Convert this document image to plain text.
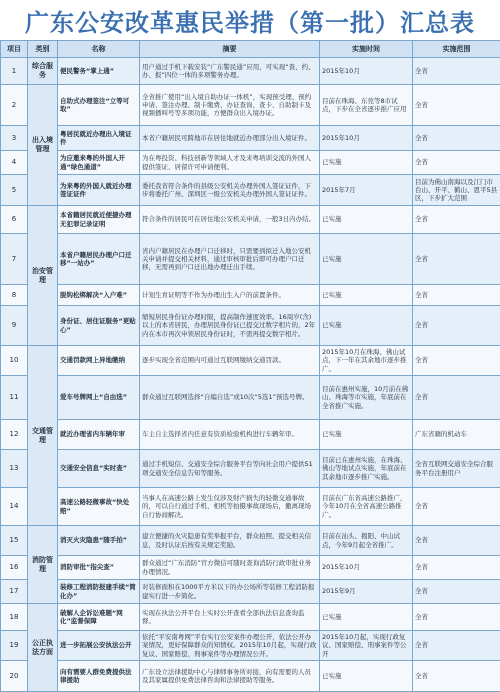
广东公安改革惠民举措（第一批）汇总表
项目	类别	名称	摘要	实施时间	实施范围
1	综合服务	便民警务“掌上通”	用户通过手机下载安装“广东警民通”应用，可实现“查、约、办、报”四位一体的多项警务办理。	2015年10月	全省
2	出入境管理	自助式办理签注“立等可取”	全省推广使用“出入境自助办证一体机”，实现预受理、预约申请、签注办理、制卡缴费、办证查询、查卡、自助制卡及视频播叫号等多项功能，方便群众出入境办证。	目前在珠海、东莞等8市试点，下步在全省逐步推广应用	全省
3		粤居民就近办理出入境证件	本省户籍居民可跨地市在居住地就近办理部分出入境证件。	2015年10月	全省
4		为应邀来粤的外国人开通“绿色通道”	为在粤投资、科技创新等领域人才及来粤培训交流的外国人提供签证、居留许可申请便利。	已实施	全省
5		为来粤的外国人就近办理签证证件	委托我省符合条件的县级公安机关办理外国人签证证件，下步将委托广州、深圳区一级公安机关办理外国人签证证件。	2015年7月	目前为佛山南海以及江门市台山、开平、鹤山、恩平5县区，下步扩大范围
6	治安管理	本省籍居民就近便捷办理无犯罪记录证明	符合条件的居民可在居住地公安机关申请，一般3日内办结。	已实施	全省
7		本省户籍居民办理户口迁移“一站办”	省内户籍居民在办理户口迁移时，只需要到拟迁入地公安机关申请并提交相关材料，通过审核审批后即可办理户口迁移，无需再到户口迁出地办理迁出手续。	已实施	全省
8		脱钩松绑解决“入户难”	计划生育证明等不作为办理出生入户的前置条件。	已实施	全省
9		身份证、居住证服务“更贴心”	缩短居民身份证办理时限，提高制作速度效率。16周岁(含)以上的本省居民，办理居民身份证已提交过数字相片的，2年内在本市再次申领居民身份证时，不需再提交数字相片。	已实施	全省
10	交通管理	交通罚款网上异地缴纳	逐步实现全省范围内可通过互联网缴纳交通罚款。	2015年10月在珠海、佛山试点，下一年在其余地市逐步推广。	全省
11		爱车号牌网上“自由选”	群众通过互联网选择“自编自选”或10次“5选1”预选号牌。	目前在惠州实施，10月前在佛山、珠海等市实施，年底前在全省推广实施。	全省
12		就近办理省内车辆年审	车主自主选择省内任意有资质检验机构进行车辆年审。	已实施	广东省籍的机动车
13		交通安全信息“实时查”	通过手机短信、交通安全综合服务平台等向社会用户提供51项交通安全信息告知等服务。	目前已在惠州实施，在珠海、佛山等地试点实施，年底前在其余地市逐步推广实施。	全省互联网交通安全综合服务平台注册用户
14		高速公路轻微事故“快处赔”	当事人在高速公路上发生仅涉及财产损失的轻微交通事故的，可以自行通过手机、相机等拍摄事故现场后，撤离现场自行协商解决。	目前在广东省高速公路推广，今年10月在全省高速公路推广。	全省
15	消防管理	消灭火灾隐患“随手拍”	建立便捷的火灾隐患有奖举报平台，群众拍照、提交相关信息，及时认证后按有关规定奖励。	目前在汕头、揭阳、中山试点，今年9月起全省推广。	全省
16		消防审批“指尖查”	群众通过“广东消防”官方微信可随时查询消防行政审批业务办理情况。	2015年10月	全省
17		装修工程消防报建手续“简化办”	对装修面积在1000平方米以下的办公场所等装修工程消防报建实行进一步简化。	2015年9月	全省
18	公正执法方面	破解人企诉讼难题“网化”监督保障	实现在执法公开平台上实时公开查看全部执法信息查询监督。	已实施	全省
19		进一步拓展公安执法公开	依托“平安南粤网”平台实行公安案件办理公开，依法公开办案情况，更好保障群众的知情权。2015年10月起，实现行政复议、国家赔偿、刑事案件等办理情况公开。	2015年10月起，实现行政复议、国家赔偿、刑事案件等公开	全省
20		向有需要人群免费提供法律援助	广东设立法律援助中心与律师事务所对接，向有需要的人员及其家属提供免费法律咨询和法律援助等服务。	已实施	全省
